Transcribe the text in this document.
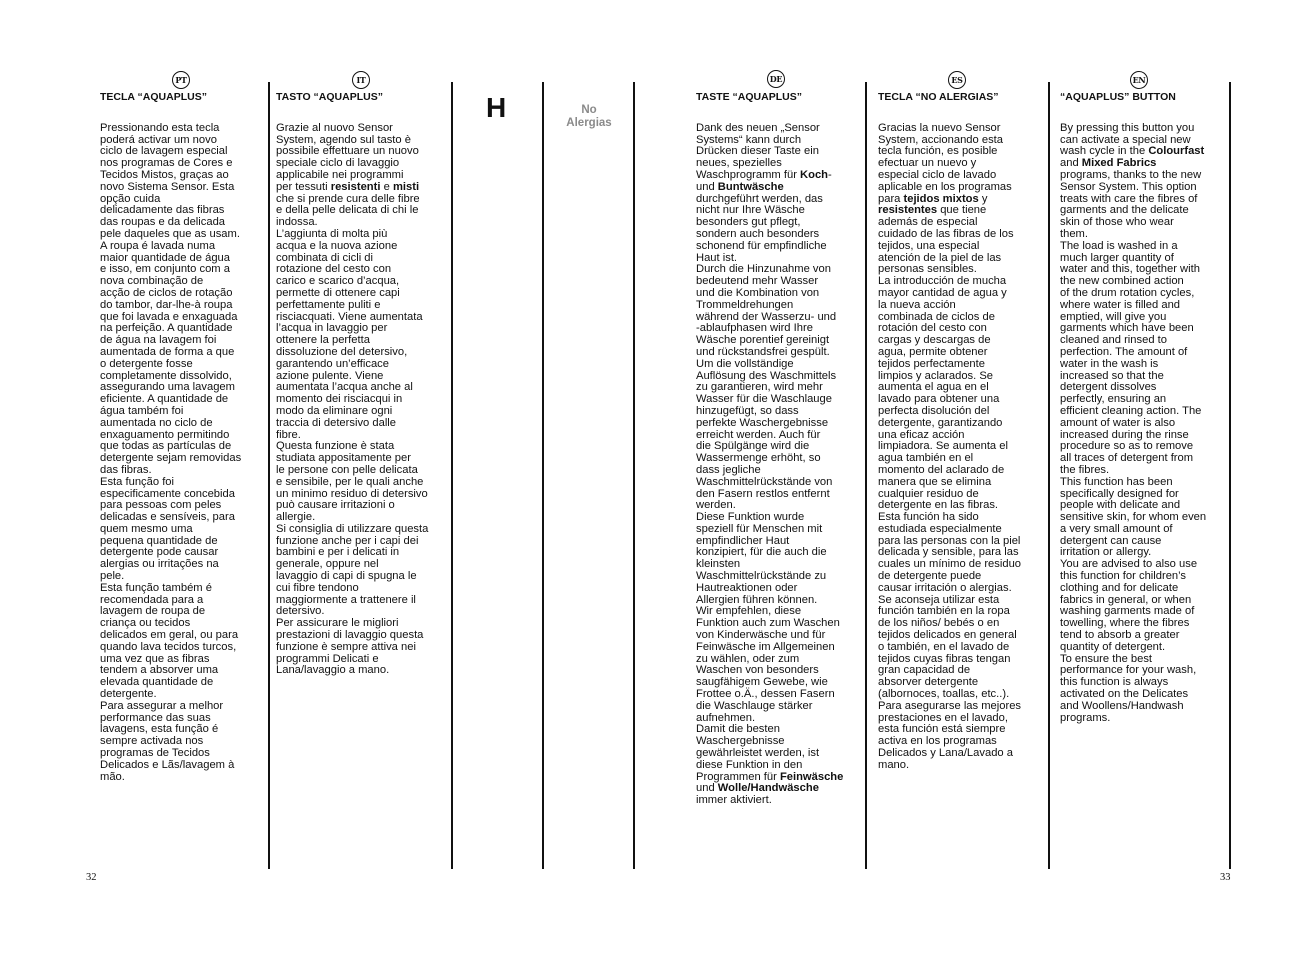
PT	IT	DE	ES	EN
H	No
Alergias
TECLA “AQUAPLUS”

Pressionando esta tecla
poderá activar um novo
ciclo de lavagem especial
nos programas de Cores e
Tecidos Mistos, graças ao
novo Sistema Sensor. Esta
opção cuida
delicadamente das fibras
das roupas e da delicada
pele daqueles que as usam.
A roupa é lavada numa
maior quantidade de água
e isso, em conjunto com a
nova combinação de
acção de ciclos de rotação
do tambor, dar-lhe-à roupa
que foi lavada e enxaguada
na perfeição. A quantidade
de água na lavagem foi
aumentada de forma a que
o detergente fosse
completamente dissolvido,
assegurando uma lavagem
eficiente. A quantidade de
água também foi
aumentada no ciclo de
enxaguamento permitindo
que todas as partículas de
detergente sejam removidas
das fibras.
Esta função foi
especificamente concebida
para pessoas com peles
delicadas e sensíveis, para
quem mesmo uma
pequena quantidade de
detergente pode causar
alergias ou irritações na
pele.
Esta função também é
recomendada para a
lavagem de roupa de
criança ou tecidos
delicados em geral, ou para
quando lava tecidos turcos,
uma vez que as fibras
tendem a absorver uma
elevada quantidade de
detergente.
Para assegurar a melhor
performance das suas
lavagens, esta função é
sempre activada nos
programas de Tecidos
Delicados e Lãs/lavagem à
mão.

TASTO “AQUAPLUS”

Grazie al nuovo Sensor
System, agendo sul tasto è
possibile effettuare un nuovo
speciale ciclo di lavaggio
applicabile nei programmi
per tessuti resistenti e misti
che si prende cura delle fibre
e della pelle delicata di chi le
indossa.
L’aggiunta di molta più
acqua e la nuova azione
combinata di cicli di
rotazione del cesto con
carico e scarico d’acqua,
permette di ottenere capi
perfettamente puliti e
risciacquati. Viene aumentata
l’acqua in lavaggio per
ottenere la perfetta
dissoluzione del detersivo,
garantendo un’efficace
azione pulente. Viene
aumentata l’acqua anche al
momento dei risciacqui in
modo da eliminare ogni
traccia di detersivo dalle
fibre.
Questa funzione è stata
studiata appositamente per
le persone con pelle delicata
e sensibile, per le quali anche
un minimo residuo di detersivo
può causare irritazioni o
allergie.
Si consiglia di utilizzare questa
funzione anche per i capi dei
bambini e per i delicati in
generale, oppure nel
lavaggio di capi di spugna le
cui fibre tendono
maggiormente a trattenere il
detersivo.
Per assicurare le migliori
prestazioni di lavaggio questa
funzione è sempre attiva nei
programmi Delicati e
Lana/lavaggio a mano.

TASTE “AQUAPLUS”

Dank des neuen „Sensor
Systems“ kann durch
Drücken dieser Taste ein
neues, spezielles
Waschprogramm für Koch-
und Buntwäsche
durchgeführt werden, das
nicht nur Ihre Wäsche
besonders gut pflegt,
sondern auch besonders
schonend für empfindliche
Haut ist.
Durch die Hinzunahme von
bedeutend mehr Wasser
und die Kombination von
Trommeldrehungen
während der Wasserzu- und
-ablaufphasen wird Ihre
Wäsche porentief gereinigt
und rückstandsfrei gespült.
Um die vollständige
Auflösung des Waschmittels
zu garantieren, wird mehr
Wasser für die Waschlauge
hinzugefügt, so dass
perfekte Waschergebnisse
erreicht werden. Auch für
die Spülgänge wird die
Wassermenge erhöht, so
dass jegliche
Waschmittelrückstände von
den Fasern restlos entfernt
werden.
Diese Funktion wurde
speziell für Menschen mit
empfindlicher Haut
konzipiert, für die auch die
kleinsten
Waschmittelrückstände zu
Hautreaktionen oder
Allergien führen können.
Wir empfehlen, diese
Funktion auch zum Waschen
von Kinderwäsche und für
Feinwäsche im Allgemeinen
zu wählen, oder zum
Waschen von besonders
saugfähigem Gewebe, wie
Frottee o.Ä., dessen Fasern
die Waschlauge stärker
aufnehmen.
Damit die besten
Waschergebnisse
gewährleistet werden, ist
diese Funktion in den
Programmen für Feinwäsche
und Wolle/Handwäsche
immer aktiviert.

TECLA “NO ALERGIAS”

Gracias la nuevo Sensor
System, accionando esta
tecla función, es posible
efectuar un nuevo y
especial ciclo de lavado
aplicable en los programas
para tejidos mixtos y
resistentes que tiene
además de especial
cuidado de las fibras de los
tejidos, una especial
atención de la piel de las
personas sensibles.
La introducción de mucha
mayor cantidad de agua y
la nueva acción
combinada de ciclos de
rotación del cesto con
cargas y descargas de
agua, permite obtener
tejidos perfectamente
limpios y aclarados. Se
aumenta el agua en el
lavado para obtener una
perfecta disolución del
detergente, garantizando
una eficaz acción
limpiadora. Se aumenta el
agua también en el
momento del aclarado de
manera que se elimina
cualquier residuo de
detergente en las fibras.
Esta función ha sido
estudiada especialmente
para las personas con la piel
delicada y sensible, para las
cuales un mínimo de residuo
de detergente puede
causar irritación o alergias.
Se aconseja utilizar esta
función también en la ropa
de los niños/ bebés o en
tejidos delicados en general
o también, en el lavado de
tejidos cuyas fibras tengan
gran capacidad de
absorver detergente
(albornoces, toallas, etc..).
Para asegurarse las mejores
prestaciones en el lavado,
esta función está siempre
activa en los programas
Delicados y Lana/Lavado a
mano.

“AQUAPLUS” BUTTON

By pressing this button you
can activate a special new
wash cycle in the Colourfast
and Mixed Fabrics
programs, thanks to the new
Sensor System. This option
treats with care the fibres of
garments and the delicate
skin of those who wear
them.
The load is washed in a
much larger quantity of
water and this, together with
the new combined action
of the drum rotation cycles,
where water is filled and
emptied, will give you
garments which have been
cleaned and rinsed to
perfection. The amount of
water in the wash is
increased so that the
detergent dissolves
perfectly, ensuring an
efficient cleaning action. The
amount of water is also
increased during the rinse
procedure so as to remove
all traces of detergent from
the fibres.
This function has been
specifically designed for
people with delicate and
sensitive skin, for whom even
a very small amount of
detergent can cause
irritation or allergy.
You are advised to also use
this function for children’s
clothing and for delicate
fabrics in general, or when
washing garments made of
towelling, where the fibres
tend to absorb a greater
quantity of detergent.
To ensure the best
performance for your wash,
this function is always
activated on the Delicates
and Woollens/Handwash
programs.

32	33
